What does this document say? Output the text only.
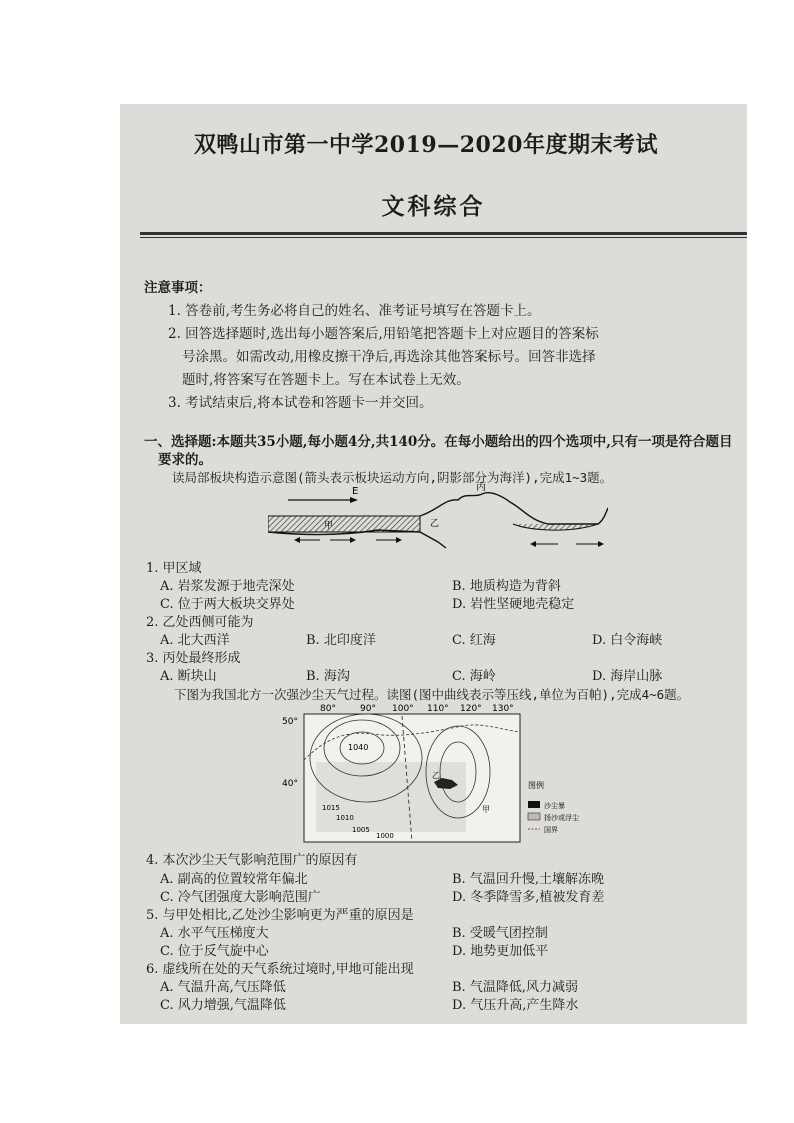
双鸭山市第一中学2019—2020年度期末考试
文科综合
注意事项：
1. 答卷前,考生务必将自己的姓名、准考证号填写在答题卡上。
2. 回答选择题时,选出每小题答案后,用铅笔把答题卡上对应题目的答案标
号涂黑。如需改动,用橡皮擦干净后,再选涂其他答案标号。回答非选择
题时,将答案写在答题卡上。写在本试卷上无效。
3. 考试结束后,将本试卷和答题卡一并交回。
一、选择题:本题共35小题,每小题4分,共140分。在每小题给出的四个选项中,只有一项是符合题目
要求的。
读局部板块构造示意图(箭头表示板块运动方向,阴影部分为海洋),完成1~3题。
E
甲	乙
丙
1. 甲区域
A. 岩浆发源于地壳深处	B. 地质构造为背斜
C. 位于两大板块交界处	D. 岩性坚硬地壳稳定
2. 乙处西侧可能为
A. 北大西洋	B. 北印度洋	C. 红海	D. 白令海峡
3. 丙处最终形成
A. 断块山	B. 海沟	C. 海岭	D. 海岸山脉
下图为我国北方一次强沙尘天气过程。读图(图中曲线表示等压线,单位为百帕),完成4~6题。
80°	90° 100° 110° 120° 130°
50°
40°
1040
1015
1010
1005
1000
乙
甲
图例
沙尘暴
扬沙或浮尘
国界
4. 本次沙尘天气影响范围广的原因有
A. 副高的位置较常年偏北	B. 气温回升慢,土壤解冻晚
C. 冷气团强度大影响范围广	D. 冬季降雪多,植被发育差
5. 与甲处相比,乙处沙尘影响更为严重的原因是
A. 水平气压梯度大	B. 受暖气团控制
C. 位于反气旋中心	D. 地势更加低平
6. 虚线所在处的天气系统过境时,甲地可能出现
A. 气温升高,气压降低	B. 气温降低,风力减弱
C. 风力增强,气温降低	D. 气压升高,产生降水
